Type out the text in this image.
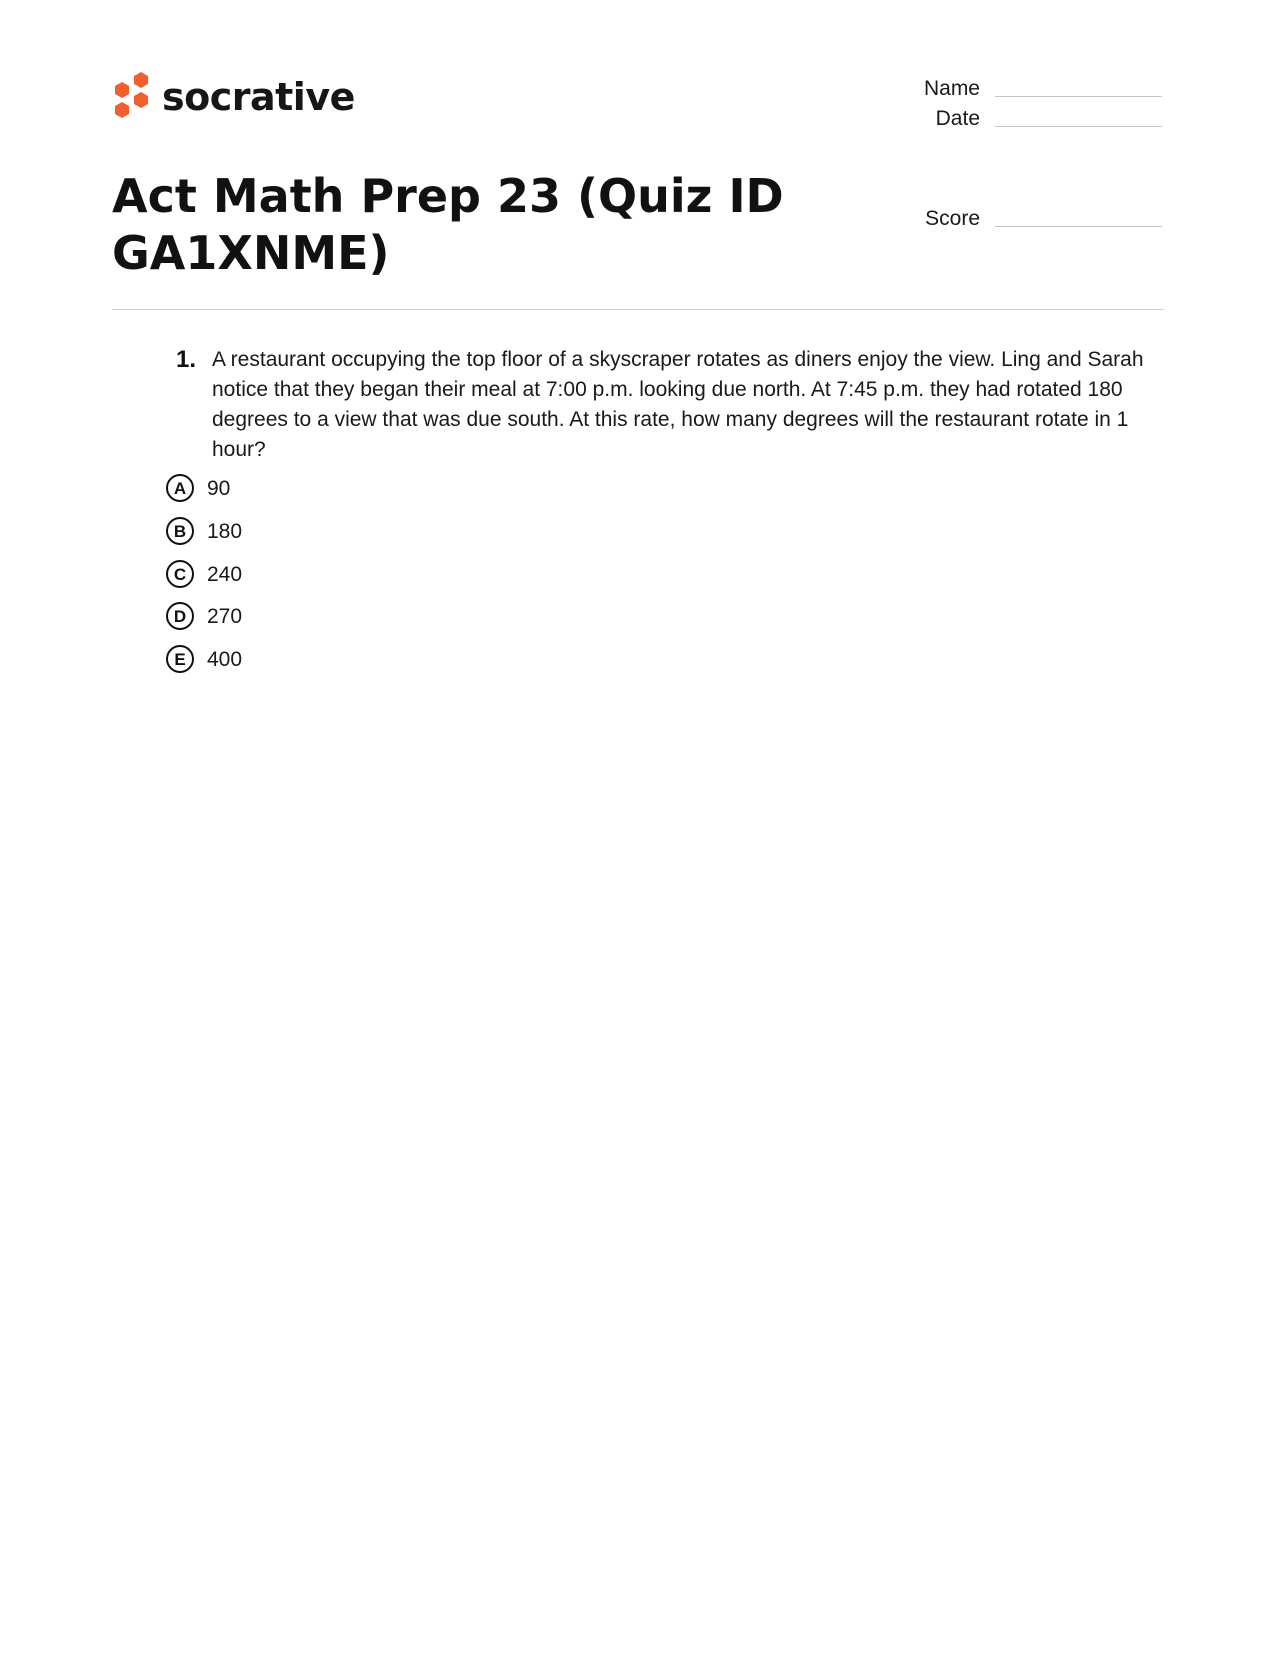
socrative	Name
Date
Score
Act Math Prep 23 (Quiz ID GA1XNME)
1. A restaurant occupying the top floor of a skyscraper rotates as diners enjoy the view. Ling and Sarah notice that they began their meal at 7:00 p.m. looking due north. At 7:45 p.m. they had rotated 180 degrees to a view that was due south. At this rate, how many degrees will the restaurant rotate in 1 hour?

A 90
B 180
C 240
D 270
E	400
